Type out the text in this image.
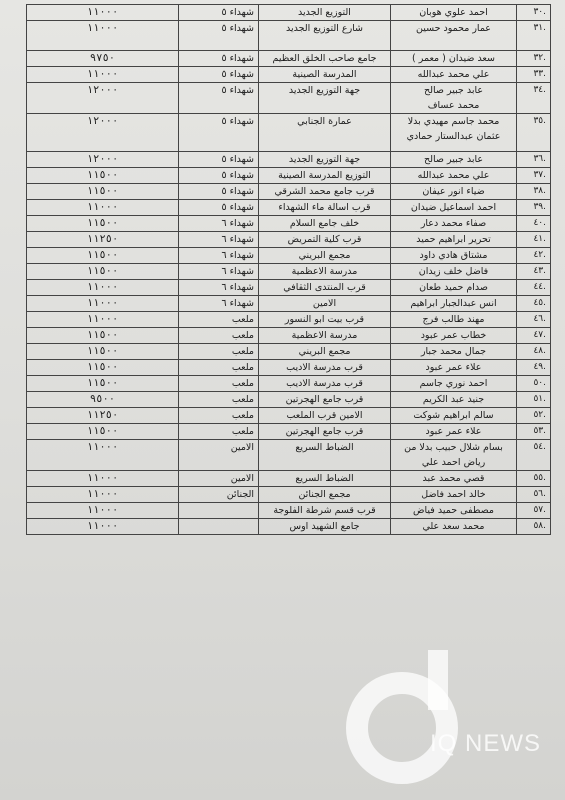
.٣٠	احمد علوي هوبان	التوزيع الجديد	شهداء ٥	١١٠٠٠
.٣١	عمار محمود حسين	شارع التوزيع الجديد	شهداء ٥	١١٠٠٠
.٣٢	سعد ضيدان ( معمر )	جامع صاحب الخلق العظيم	شهداء ٥	٩٧٥٠
.٣٣	علي محمد عبدالله	المدرسة الصينية	شهداء ٥	١١٠٠٠
.٣٤	عابد جبير صالح
محمد عساف	جهة التوزيع الجديد	شهداء ٥	١٢٠٠٠
.٣٥	محمد جاسم مهيدي بدلا
عثمان عبدالستار حمادي	عمارة الجنابي	شهداء ٥	١٢٠٠٠
.٣٦	عابد جبير صالح	جهة التوزيع الجديد	شهداء ٥	١٢٠٠٠
.٣٧	علي محمد عبدالله	التوزيع المدرسة الصينية	شهداء ٥	١١٥٠٠
.٣٨	ضياء انور عيفان	قرب جامع محمد الشرقي	شهداء ٥	١١٥٠٠
.٣٩	احمد اسماعيل ضيدان	قرب اسالة ماء الشهداء	شهداء ٥	١١٠٠٠
.٤٠	صفاء محمد دعار	خلف جامع السلام	شهداء ٦	١١٥٠٠
.٤١	تحرير ابراهيم حميد	قرب كلية التمريض	شهداء ٦	١١٢٥٠
.٤٢	مشتاق هادي داود	مجمع البريني	شهداء ٦	١١٥٠٠
.٤٣	فاضل خلف زيدان	مدرسة الاعظمية	شهداء ٦	١١٥٠٠
.٤٤	صدام حميد طعان	قرب المنتدى الثقافي	شهداء ٦	١١٠٠٠
.٤٥	انس عبدالجبار ابراهيم	الامين	شهداء ٦	١١٠٠٠
.٤٦	مهند طالب فرج	قرب بيت ابو النسور	ملعب	١١٠٠٠
.٤٧	خطاب عمر عبود	مدرسة الاعظمية	ملعب	١١٥٠٠
.٤٨	جمال محمد جبار	مجمع البريني	ملعب	١١٥٠٠
.٤٩	علاء عمر عبود	قرب مدرسة الاديب	ملعب	١١٥٠٠
.٥٠	احمد نوري جاسم	قرب مدرسة الاديب	ملعب	١١٥٠٠
.٥١	جنيد عبد الكريم	قرب جامع الهجرتين	ملعب	٩٥٠٠
.٥٢	سالم ابراهيم شوكت	الامين قرب الملعب	ملعب	١١٢٥٠
.٥٣	علاء عمر عبود	قرب جامع الهجرتين	ملعب	١١٥٠٠
.٥٤	بسام شلال حبيب بدلا من
رياض احمد علي	الضباط السريع	الامين	١١٠٠٠
.٥٥	قصي محمد عبد	الضباط السريع	الامين	١١٠٠٠
.٥٦	خالد احمد فاضل	مجمع الجنائن	الجنائن	١١٠٠٠
.٥٧	مصطفى حميد فياض	قرب قسم شرطة الفلوجة		١١٠٠٠
.٥٨	محمد سعد علي	جامع الشهيد اوس		١١٠٠٠
IQ NEWS
